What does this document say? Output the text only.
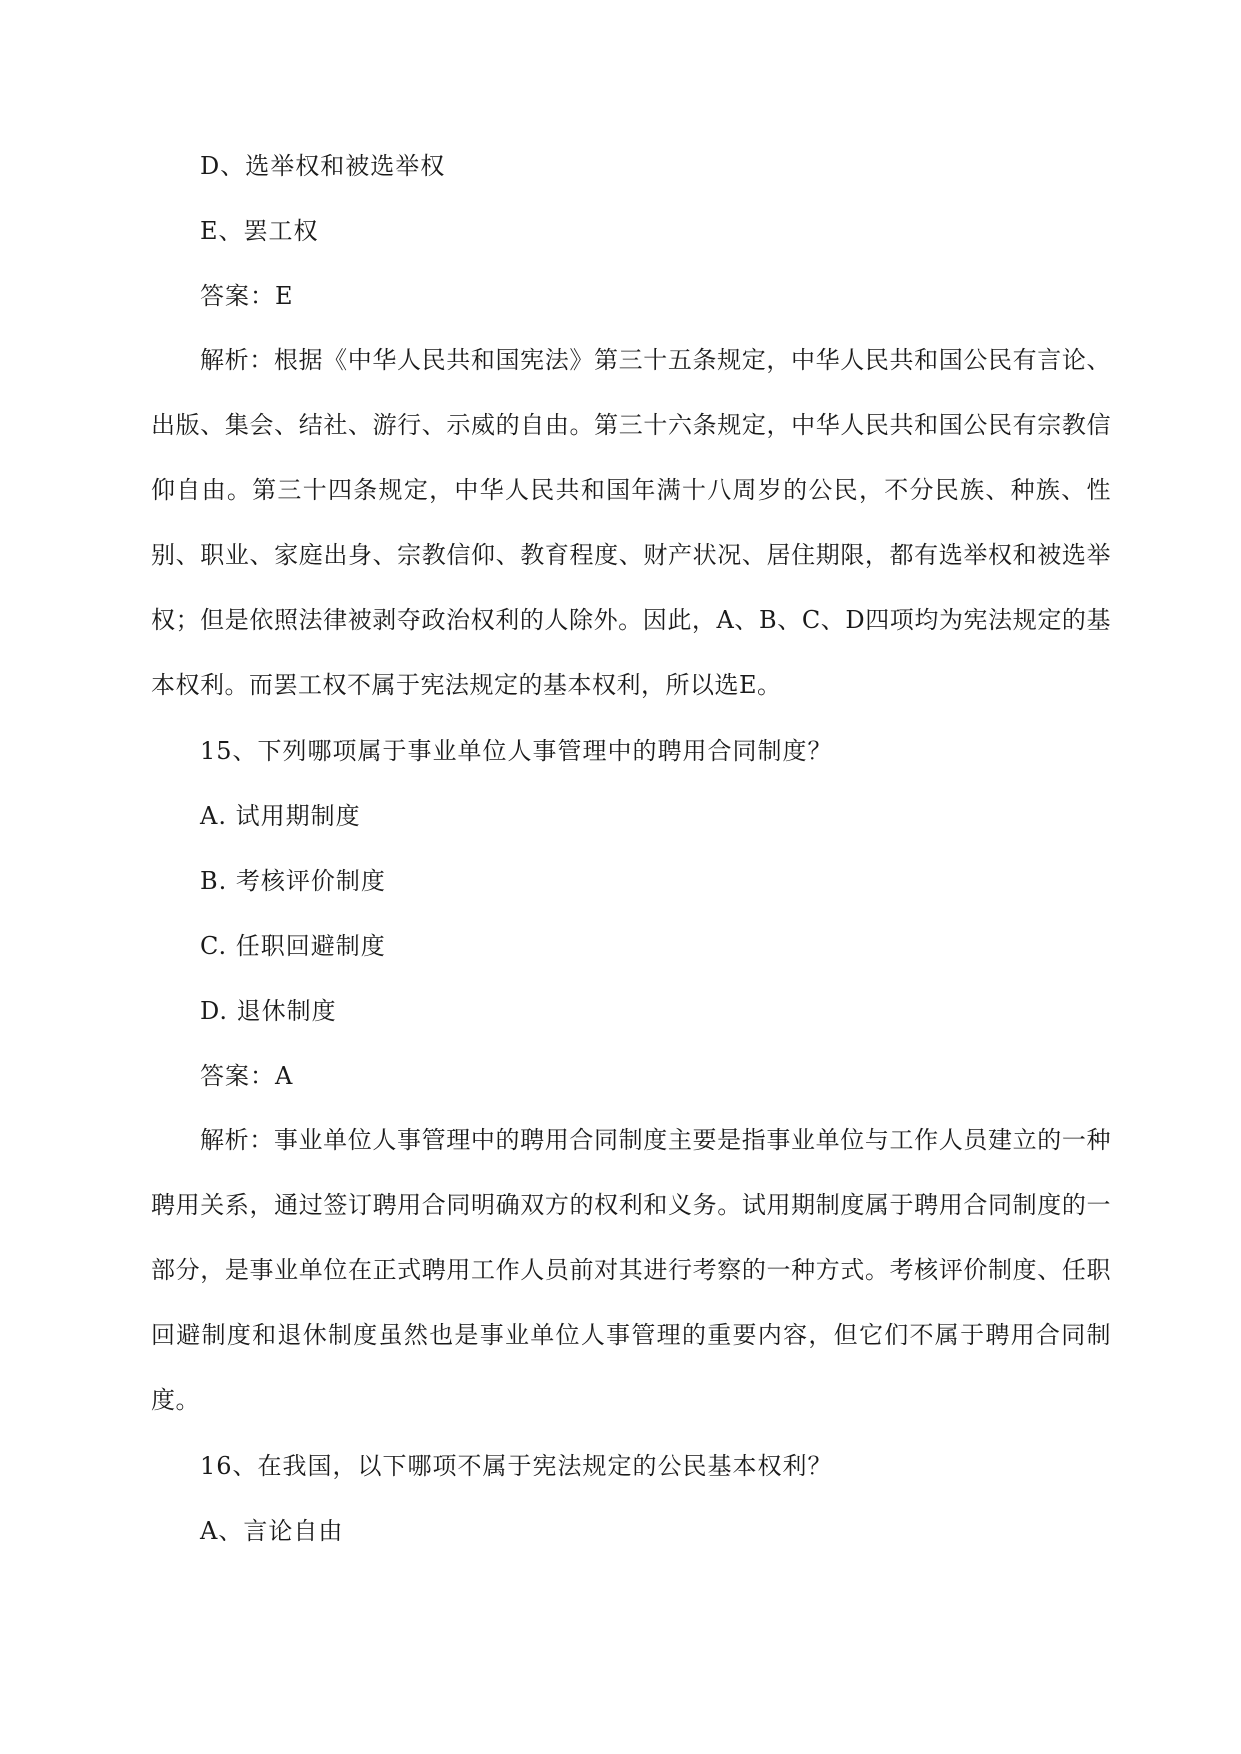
D、选举权和被选举权
E、罢工权
答案：E
解析：根据《中华人民共和国宪法》第三十五条规定，中华人民共和国公民有言论、出版、集会、结社、游行、示威的自由。第三十六条规定，中华人民共和国公民有宗教信仰自由。第三十四条规定，中华人民共和国年满十八周岁的公民，不分民族、种族、性别、职业、家庭出身、宗教信仰、教育程度、财产状况、居住期限，都有选举权和被选举权；但是依照法律被剥夺政治权利的人除外。因此，A、B、C、D四项均为宪法规定的基本权利。而罢工权不属于宪法规定的基本权利，所以选E。
15、下列哪项属于事业单位人事管理中的聘用合同制度？
A. 试用期制度
B. 考核评价制度
C. 任职回避制度
D. 退休制度
答案：A
解析：事业单位人事管理中的聘用合同制度主要是指事业单位与工作人员建立的一种聘用关系，通过签订聘用合同明确双方的权利和义务。试用期制度属于聘用合同制度的一部分，是事业单位在正式聘用工作人员前对其进行考察的一种方式。考核评价制度、任职回避制度和退休制度虽然也是事业单位人事管理的重要内容，但它们不属于聘用合同制度。
16、在我国，以下哪项不属于宪法规定的公民基本权利？
A、言论自由
